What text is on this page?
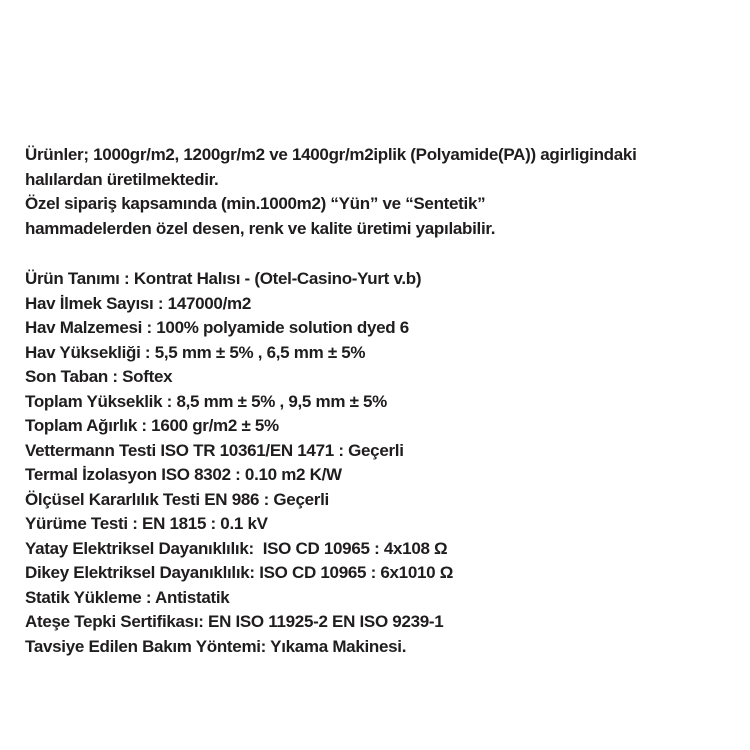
Ürünler; 1000gr/m2, 1200gr/m2 ve 1400gr/m2iplik (Polyamide(PA)) agirligindaki
halılardan üretilmektedir.
Özel sipariş kapsamında (min.1000m2) “Yün” ve “Sentetik”
hammadelerden özel desen, renk ve kalite üretimi yapılabilir.
Ürün Tanımı : Kontrat Halısı - (Otel-Casino-Yurt v.b)
Hav İlmek Sayısı : 147000/m2
Hav Malzemesi : 100% polyamide solution dyed 6
Hav Yüksekliği : 5,5 mm ± 5% , 6,5 mm ± 5%
Son Taban : Softex
Toplam Yükseklik : 8,5 mm ± 5% , 9,5 mm ± 5%
Toplam Ağırlık : 1600 gr/m2 ± 5%
Vettermann Testi ISO TR 10361/EN 1471 : Geçerli
Termal İzolasyon ISO 8302 : 0.10 m2 K/W
Ölçüsel Kararlılık Testi EN 986 : Geçerli
Yürüme Testi : EN 1815 : 0.1 kV
Yatay Elektriksel Dayanıklılık:  ISO CD 10965 : 4x108 Ω
Dikey Elektriksel Dayanıklılık: ISO CD 10965 : 6x1010 Ω
Statik Yükleme : Antistatik
Ateşe Tepki Sertifikası: EN ISO 11925-2 EN ISO 9239-1
Tavsiye Edilen Bakım Yöntemi: Yıkama Makinesi.
